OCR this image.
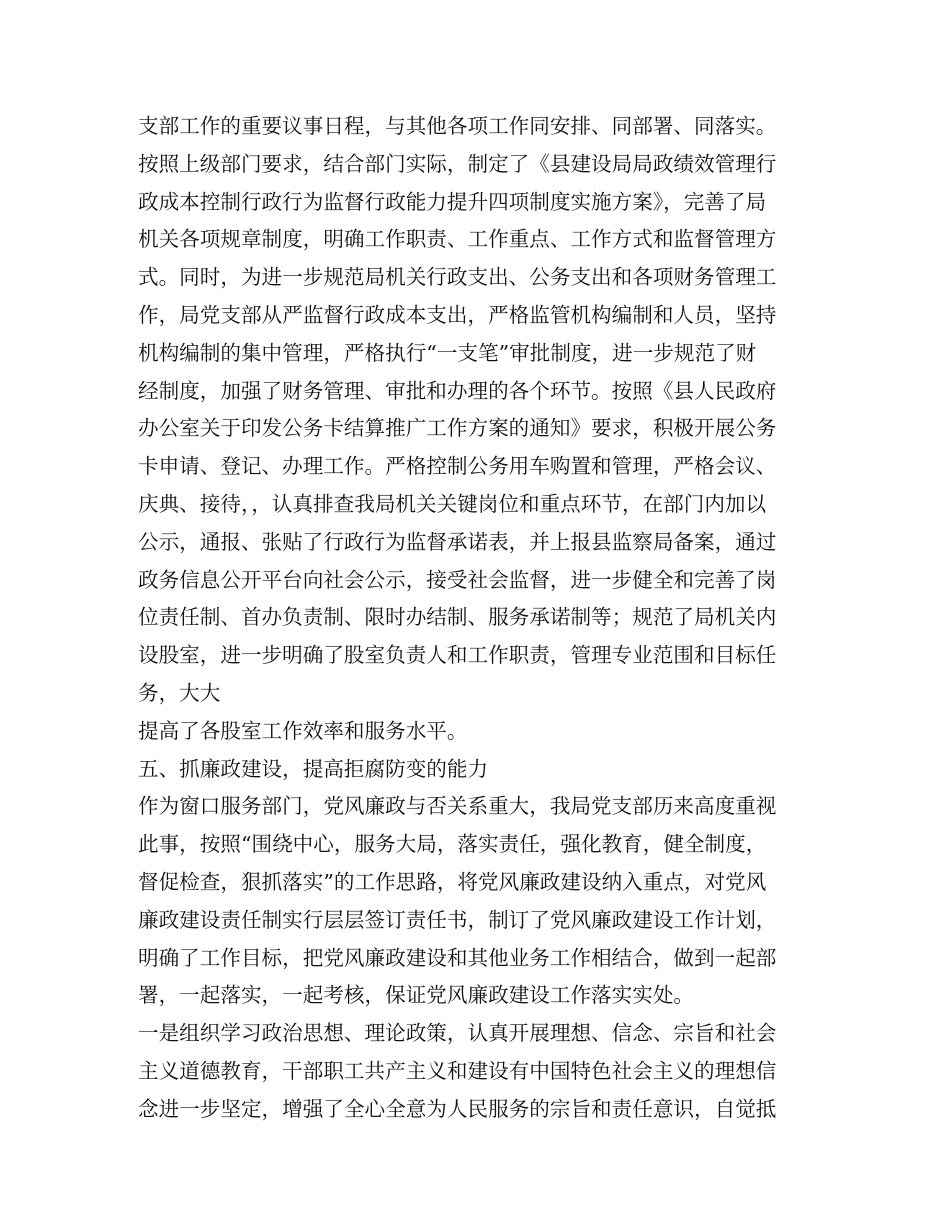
支部工作的重要议事日程，与其他各项工作同安排、同部署、同落实。
按照上级部门要求，结合部门实际，制定了《县建设局局政绩效管理行
政成本控制行政行为监督行政能力提升四项制度实施方案》，完善了局
机关各项规章制度，明确工作职责、工作重点、工作方式和监督管理方
式。同时，为进一步规范局机关行政支出、公务支出和各项财务管理工
作，局党支部从严监督行政成本支出，严格监管机构编制和人员，坚持
机构编制的集中管理，严格执行“一支笔”审批制度，进一步规范了财
经制度，加强了财务管理、审批和办理的各个环节。按照《县人民政府
办公室关于印发公务卡结算推广工作方案的通知》要求，积极开展公务
卡申请、登记、办理工作。严格控制公务用车购置和管理，严格会议、
庆典、接待，，认真排查我局机关关键岗位和重点环节，在部门内加以
公示，通报、张贴了行政行为监督承诺表，并上报县监察局备案，通过
政务信息公开平台向社会公示，接受社会监督，进一步健全和完善了岗
位责任制、首办负责制、限时办结制、服务承诺制等；规范了局机关内
设股室，进一步明确了股室负责人和工作职责，管理专业范围和目标任
务，大大
提高了各股室工作效率和服务水平。
五、抓廉政建设，提高拒腐防变的能力
作为窗口服务部门，党风廉政与否关系重大，我局党支部历来高度重视
此事，按照“围绕中心，服务大局，落实责任，强化教育，健全制度，
督促检查，狠抓落实”的工作思路，将党风廉政建设纳入重点，对党风
廉政建设责任制实行层层签订责任书，制订了党风廉政建设工作计划，
明确了工作目标，把党风廉政建设和其他业务工作相结合，做到一起部
署，一起落实，一起考核，保证党风廉政建设工作落实实处。
一是组织学习政治思想、理论政策，认真开展理想、信念、宗旨和社会
主义道德教育，干部职工共产主义和建设有中国特色社会主义的理想信
念进一步坚定，增强了全心全意为人民服务的宗旨和责任意识，自觉抵
